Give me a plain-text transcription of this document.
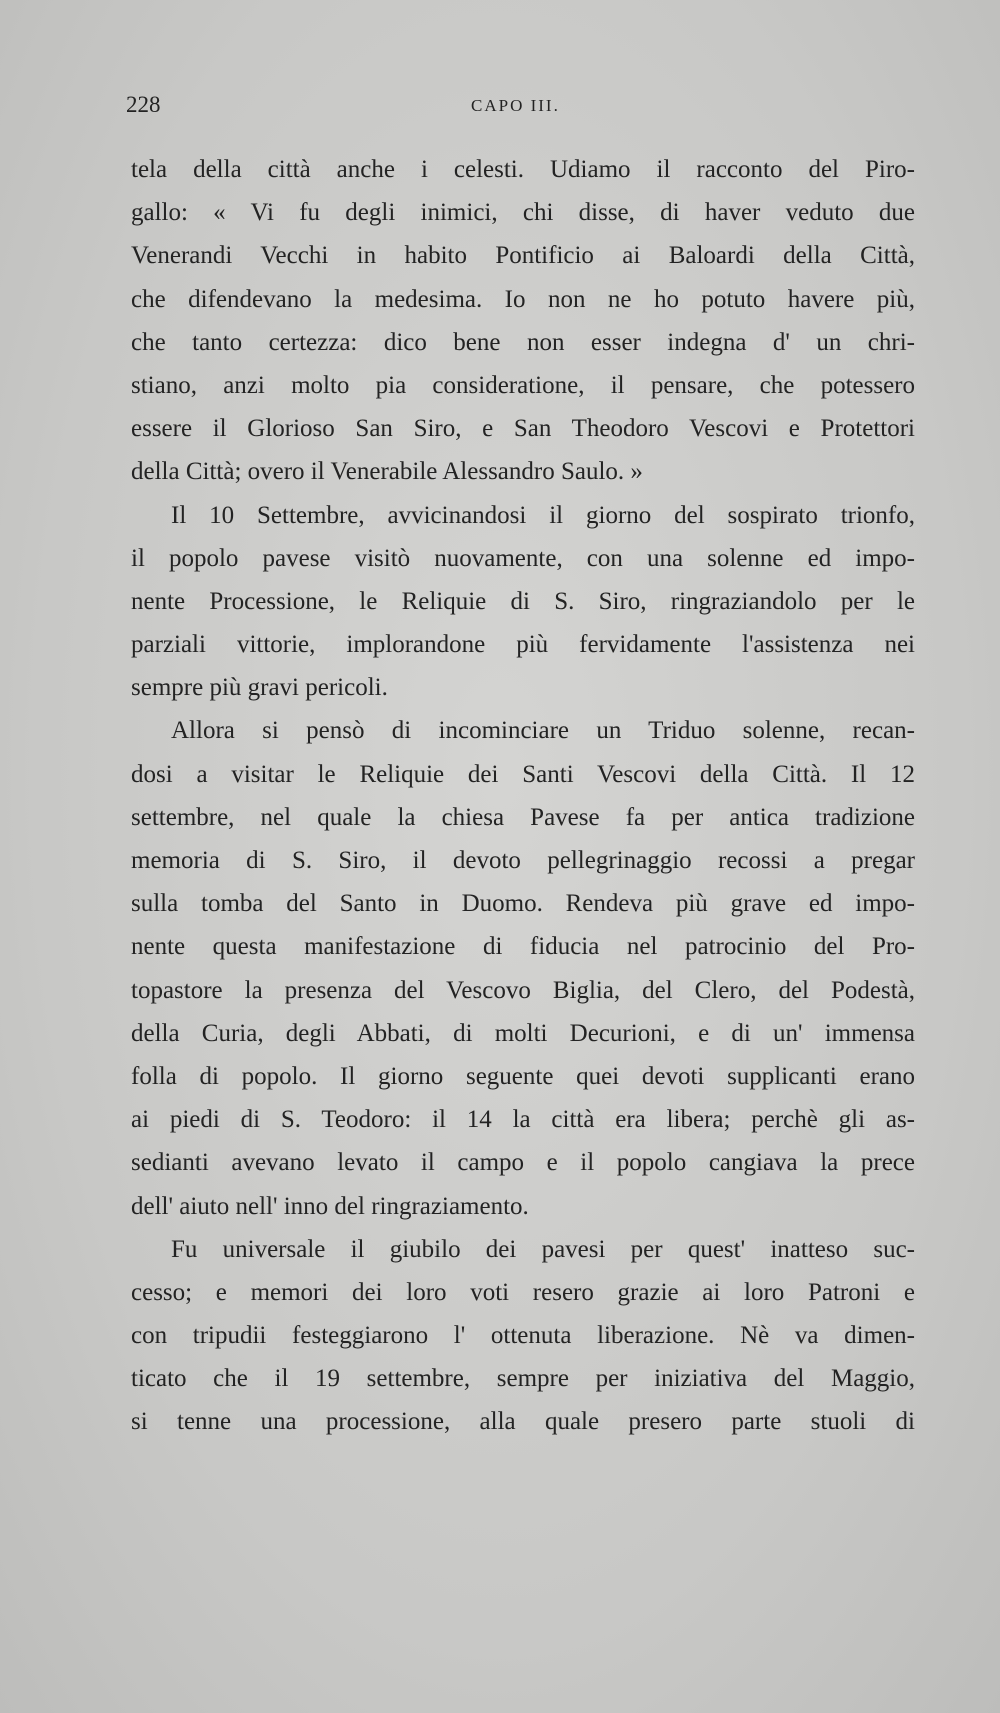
228	CAPO III.
tela della città anche i celesti. Udiamo il racconto del Piro-
gallo: « Vi fu degli inimici, chi disse, di haver veduto due
Venerandi Vecchi in habito Pontificio ai Baloardi della Città,
che difendevano la medesima. Io non ne ho potuto havere più,
che tanto certezza: dico bene non esser indegna d' un chri-
stiano, anzi molto pia consideratione, il pensare, che potessero
essere il Glorioso San Siro, e San Theodoro Vescovi e Protettori
della Città; overo il Venerabile Alessandro Saulo. »
Il 10 Settembre, avvicinandosi il giorno del sospirato trionfo,
il popolo pavese visitò nuovamente, con una solenne ed impo-
nente Processione, le Reliquie di S. Siro, ringraziandolo per le
parziali vittorie, implorandone più fervidamente l'assistenza nei
sempre più gravi pericoli.
Allora si pensò di incominciare un Triduo solenne, recan-
dosi a visitar le Reliquie dei Santi Vescovi della Città. Il 12
settembre, nel quale la chiesa Pavese fa per antica tradizione
memoria di S. Siro, il devoto pellegrinaggio recossi a pregar
sulla tomba del Santo in Duomo. Rendeva più grave ed impo-
nente questa manifestazione di fiducia nel patrocinio del Pro-
topastore la presenza del Vescovo Biglia, del Clero, del Podestà,
della Curia, degli Abbati, di molti Decurioni, e di un' immensa
folla di popolo. Il giorno seguente quei devoti supplicanti erano
ai piedi di S. Teodoro: il 14 la città era libera; perchè gli as-
sedianti avevano levato il campo e il popolo cangiava la prece
dell' aiuto nell' inno del ringraziamento.
Fu universale il giubilo dei pavesi per quest' inatteso suc-
cesso; e memori dei loro voti resero grazie ai loro Patroni e
con tripudii festeggiarono l' ottenuta liberazione. Nè va dimen-
ticato che il 19 settembre, sempre per iniziativa del Maggio,
si tenne una processione, alla quale presero parte stuoli di
